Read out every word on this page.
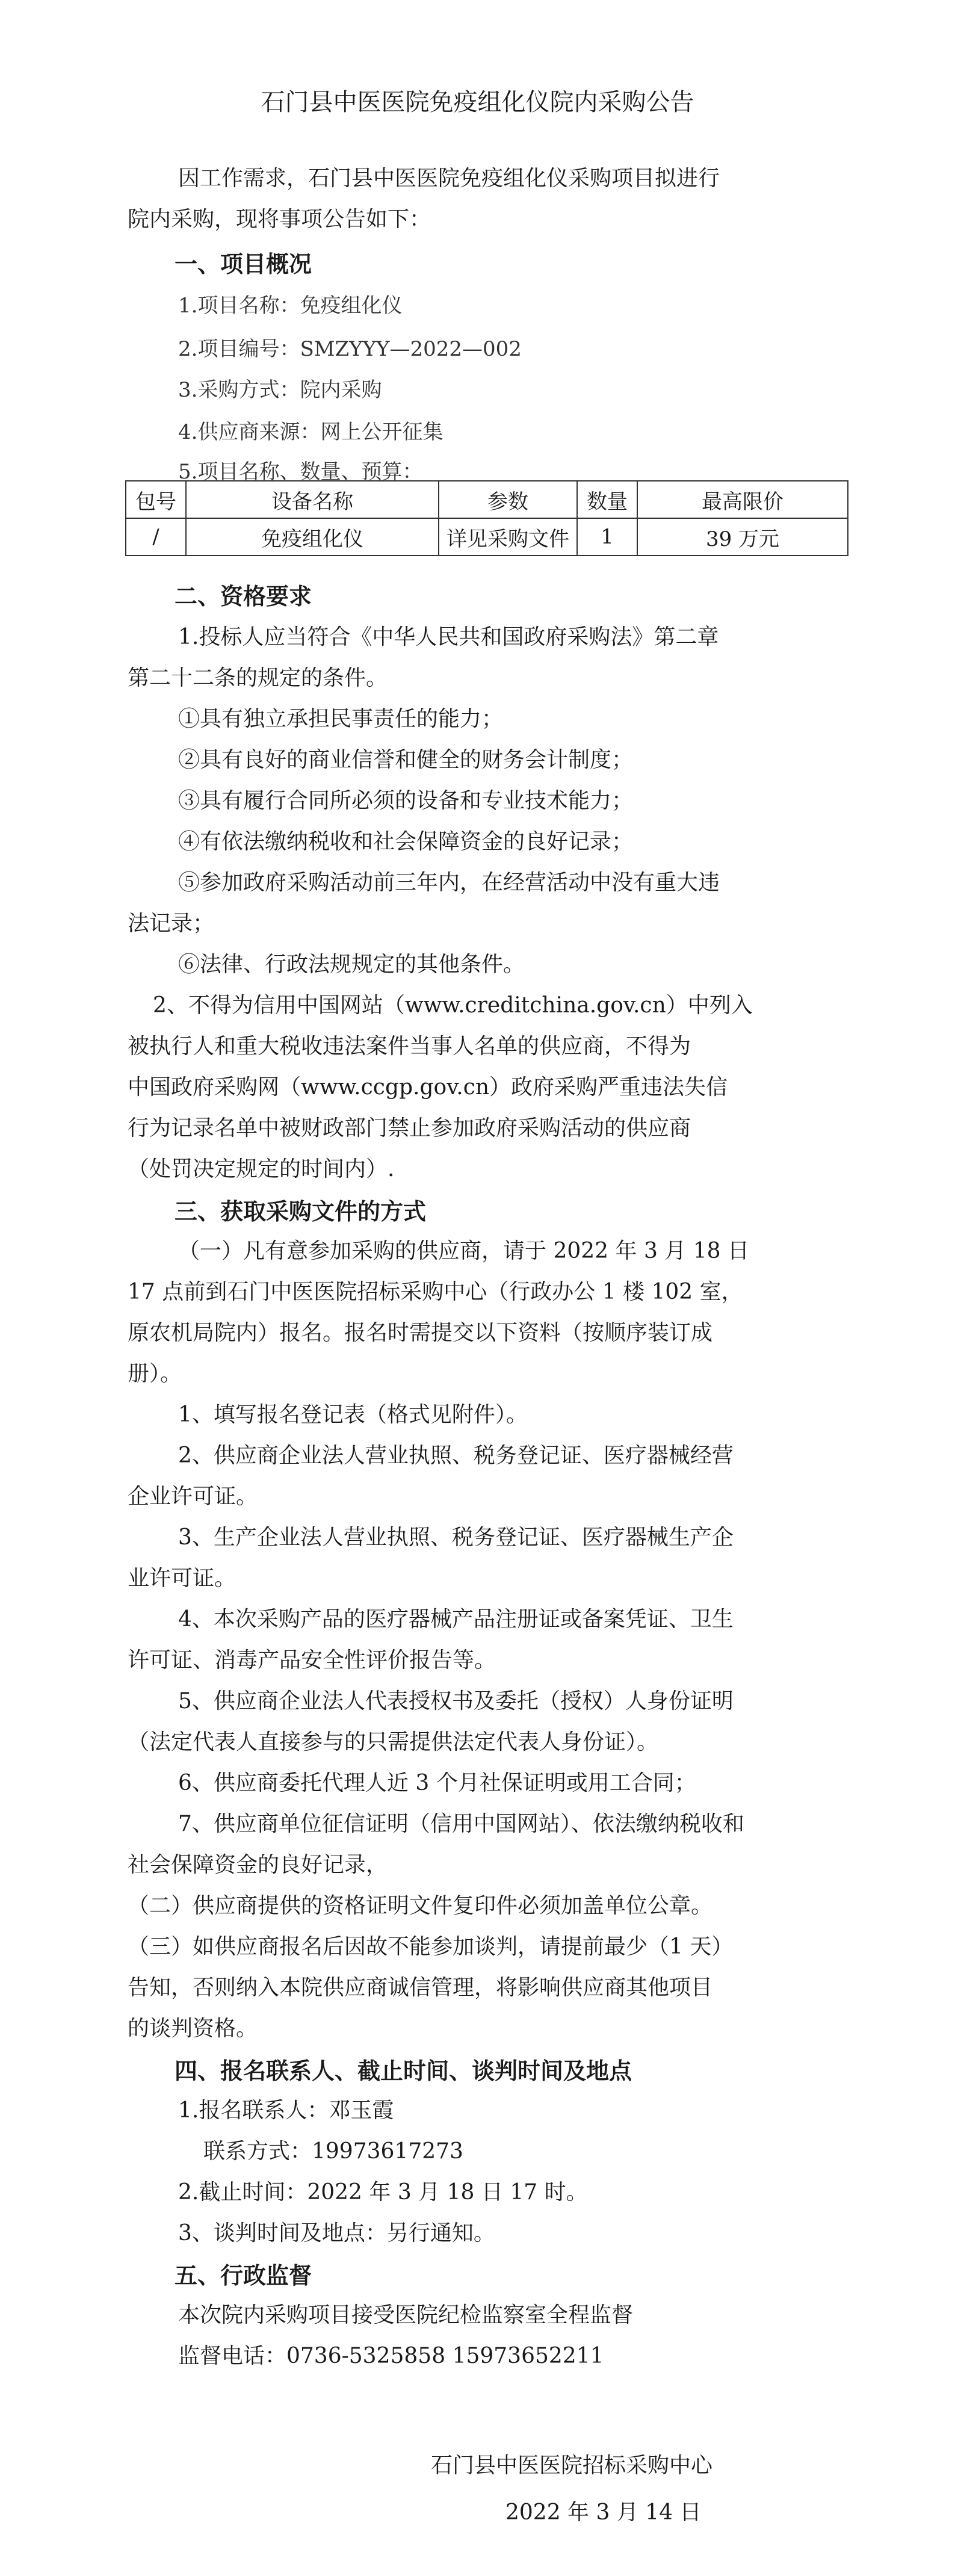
石门县中医医院免疫组化仪院内采购公告
因工作需求，石门县中医医院免疫组化仪采购项目拟进行
院内采购，现将事项公告如下：
一、项目概况
1.项目名称：免疫组化仪
2.项目编号：SMZYYY—2022—002
3.采购方式：院内采购
4.供应商来源：网上公开征集
5.项目名称、数量、预算：
包号	设备名称	参数	数量	最高限价
/	免疫组化仪	详见采购文件	1	39 万元
二、资格要求
1.投标人应当符合《中华人民共和国政府采购法》第二章
第二十二条的规定的条件。
①具有独立承担民事责任的能力；
②具有良好的商业信誉和健全的财务会计制度；
③具有履行合同所必须的设备和专业技术能力；
④有依法缴纳税收和社会保障资金的良好记录；
⑤参加政府采购活动前三年内，在经营活动中没有重大违
法记录；
⑥法律、行政法规规定的其他条件。
2、不得为信用中国网站（www.creditchina.gov.cn）中列入
被执行人和重大税收违法案件当事人名单的供应商，不得为
中国政府采购网（www.ccgp.gov.cn）政府采购严重违法失信
行为记录名单中被财政部门禁止参加政府采购活动的供应商
（处罚决定规定的时间内）.
三、获取采购文件的方式
（一）凡有意参加采购的供应商，请于 2022 年 3 月 18 日
17 点前到石门中医医院招标采购中心（行政办公 1 楼 102 室，
原农机局院内）报名。报名时需提交以下资料（按顺序装订成
册）。
1、填写报名登记表（格式见附件）。
2、供应商企业法人营业执照、税务登记证、医疗器械经营
企业许可证。
3、生产企业法人营业执照、税务登记证、医疗器械生产企
业许可证。
4、本次采购产品的医疗器械产品注册证或备案凭证、卫生
许可证、消毒产品安全性评价报告等。
5、供应商企业法人代表授权书及委托（授权）人身份证明
（法定代表人直接参与的只需提供法定代表人身份证）。
6、供应商委托代理人近 3 个月社保证明或用工合同；
7、供应商单位征信证明（信用中国网站）、依法缴纳税收和
社会保障资金的良好记录，
（二）供应商提供的资格证明文件复印件必须加盖单位公章。
（三）如供应商报名后因故不能参加谈判，请提前最少（1 天）
告知，否则纳入本院供应商诚信管理，将影响供应商其他项目
的谈判资格。
四、报名联系人、截止时间、谈判时间及地点
1.报名联系人：邓玉霞
联系方式：19973617273
2.截止时间：2022 年 3 月 18 日 17 时。
3、谈判时间及地点：另行通知。
五、行政监督
本次院内采购项目接受医院纪检监察室全程监督
监督电话：0736-5325858 15973652211
石门县中医医院招标采购中心
2022 年 3 月 14 日
